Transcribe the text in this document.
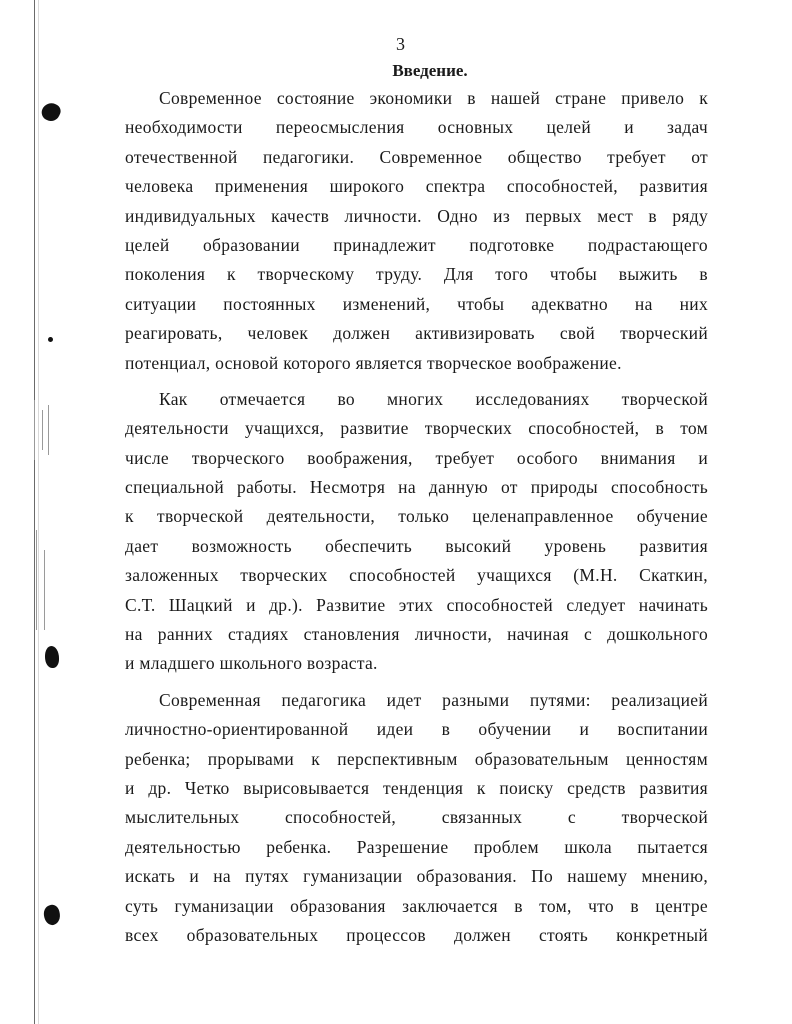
3
Введение.
Современное состояние экономики в нашей стране привело к
необходимости переосмысления основных целей и задач
отечественной педагогики. Современное общество требует от
человека применения широкого спектра способностей, развития
индивидуальных качеств личности. Одно из первых мест в ряду
целей образовании принадлежит подготовке подрастающего
поколения к творческому труду. Для того чтобы выжить в
ситуации постоянных изменений, чтобы адекватно на них
реагировать, человек должен активизировать свой творческий
потенциал, основой которого является творческое воображение.
Как отмечается во многих исследованиях творческой
деятельности учащихся, развитие творческих способностей, в том
числе творческого воображения, требует особого внимания и
специальной работы. Несмотря на данную от природы способность
к творческой деятельности, только целенаправленное обучение
дает возможность обеспечить высокий уровень развития
заложенных творческих способностей учащихся (М.Н. Скаткин,
С.Т. Шацкий и др.). Развитие этих способностей следует начинать
на ранних стадиях становления личности, начиная с дошкольного
и младшего школьного возраста.
Современная педагогика идет разными путями: реализацией
личностно-ориентированной идеи в обучении и воспитании
ребенка; прорывами к перспективным образовательным ценностям
и др. Четко вырисовывается тенденция к поиску средств развития
мыслительных способностей, связанных с творческой
деятельностью ребенка. Разрешение проблем школа пытается
искать и на путях гуманизации образования. По нашему мнению,
суть гуманизации образования заключается в том, что в центре
всех образовательных процессов должен стоять конкретный
